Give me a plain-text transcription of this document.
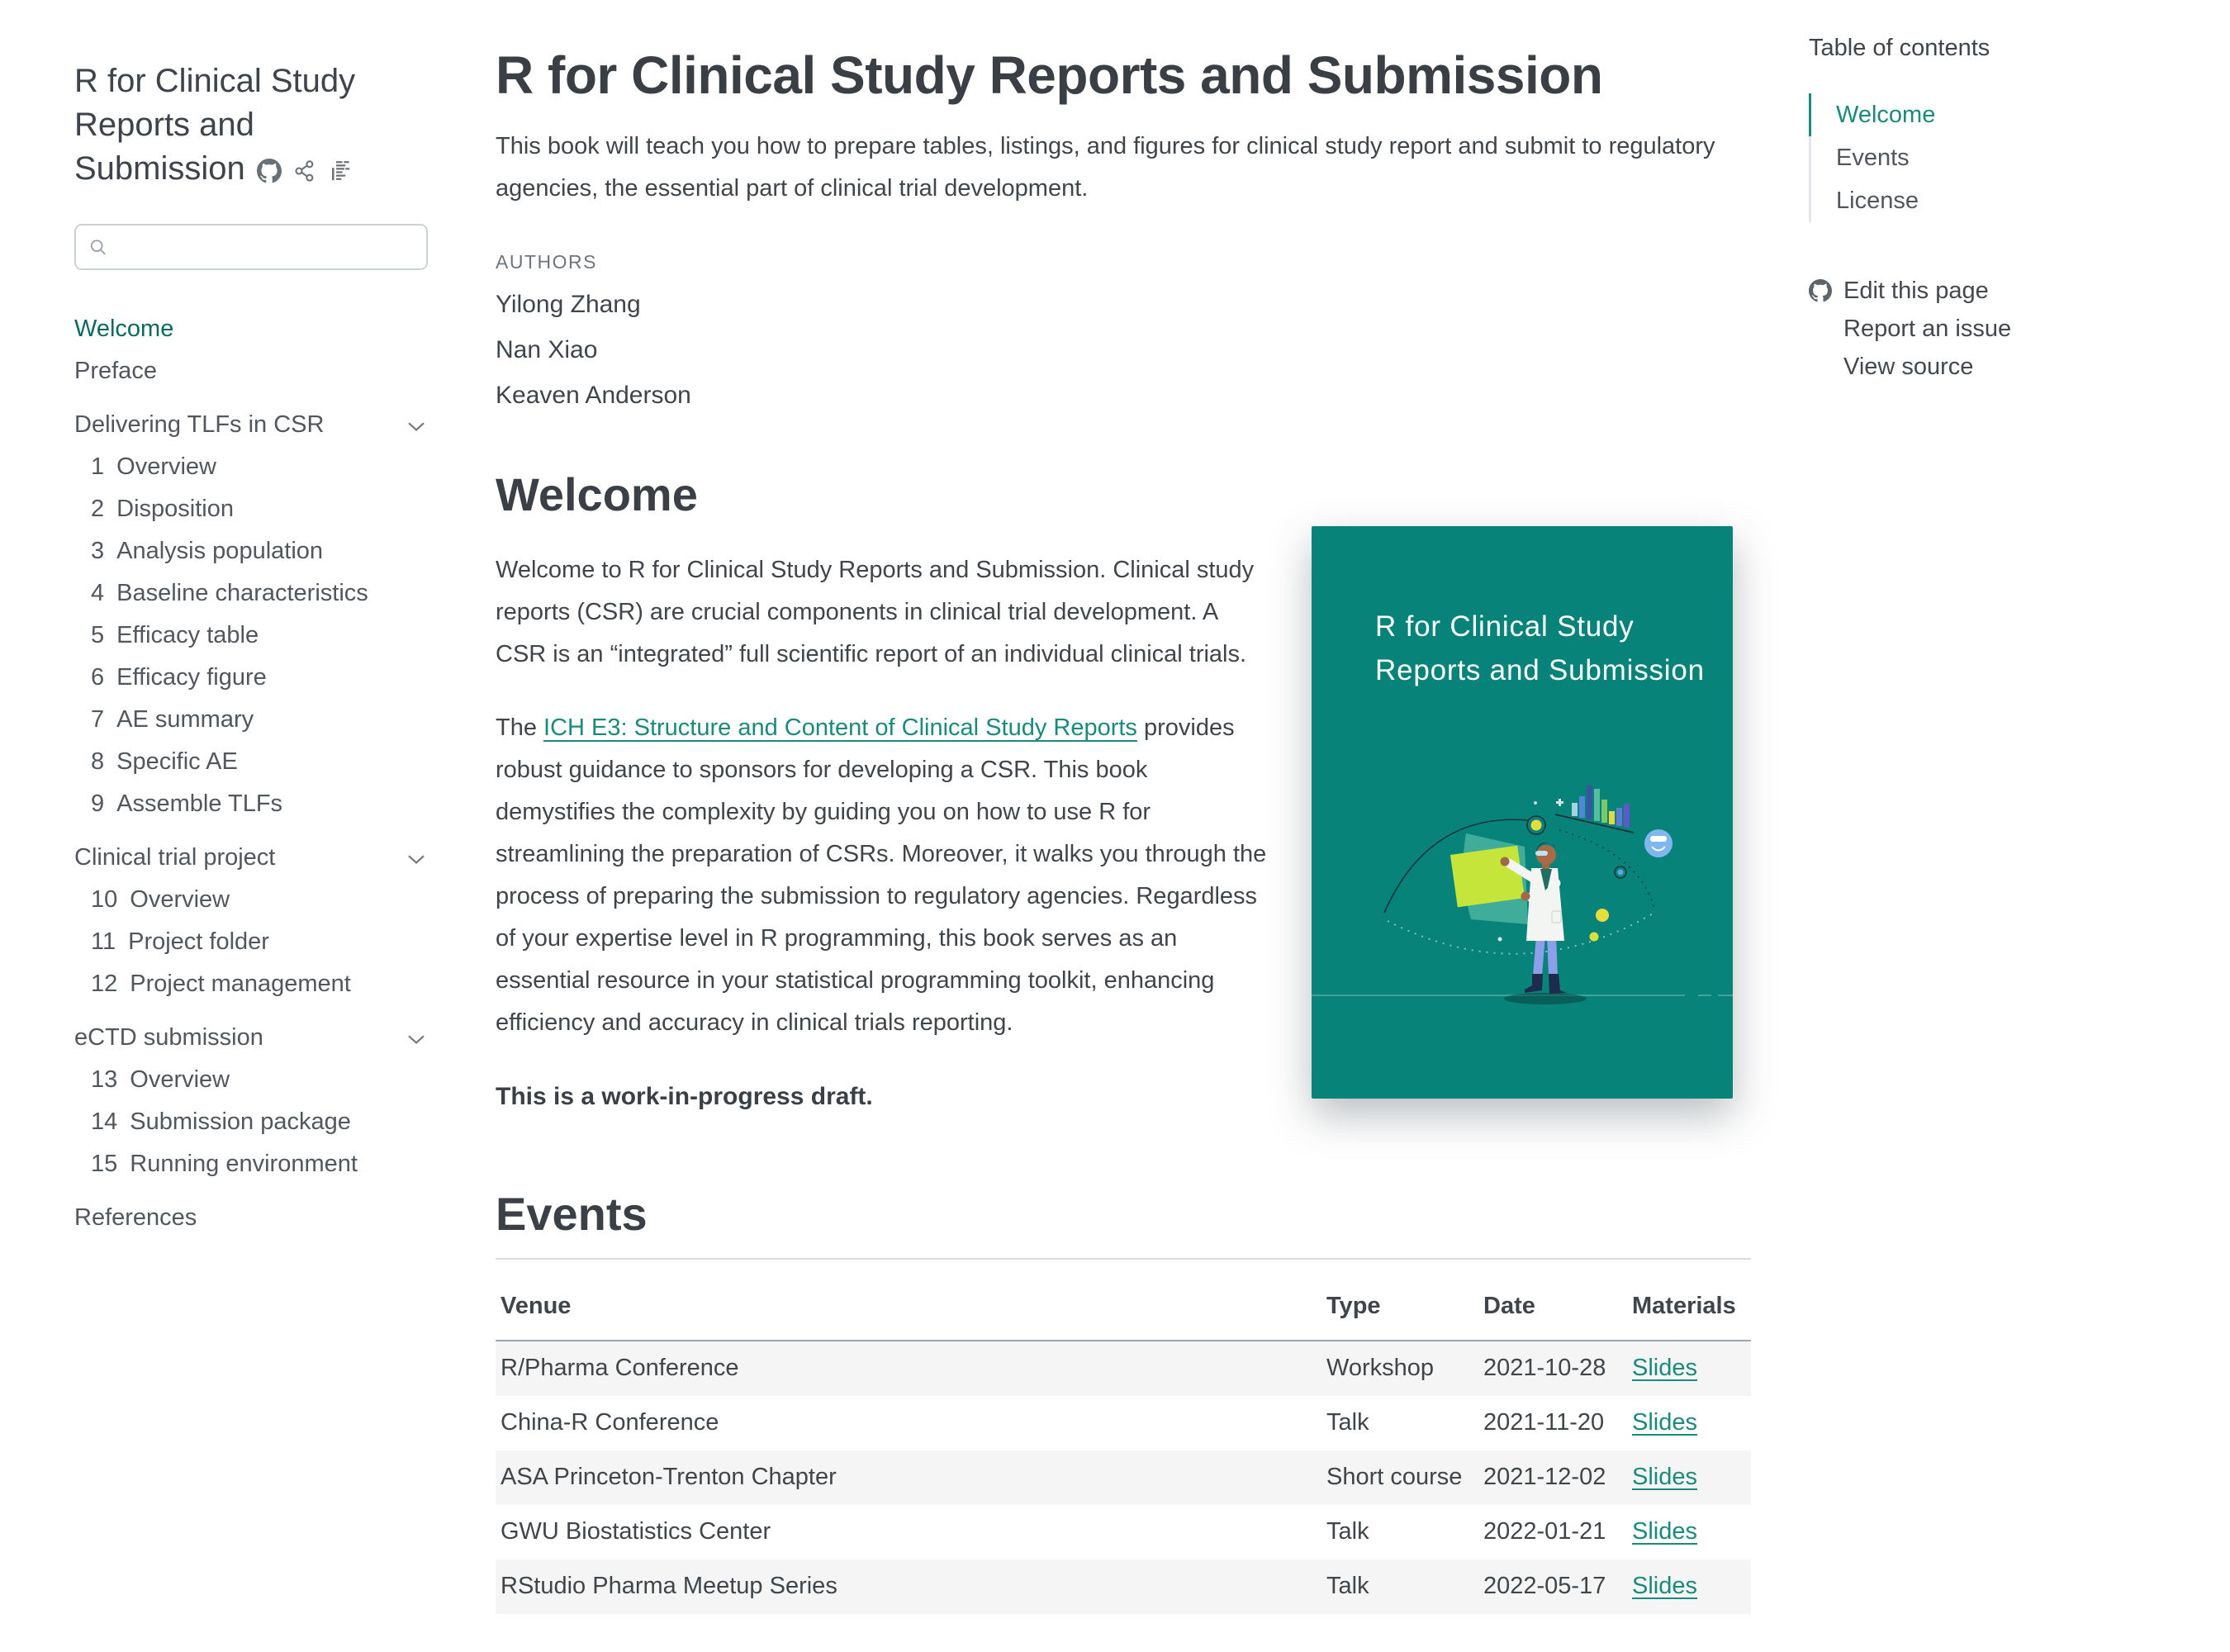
R for Clinical Study Reports and Submission
Welcome
Preface
Delivering TLFs in CSR
1 Overview
2 Disposition
3 Analysis population
4 Baseline characteristics
5 Efficacy table
6 Efficacy figure
7 AE summary
8 Specific AE
9 Assemble TLFs
Clinical trial project
10 Overview
11 Project folder
12 Project management
eCTD submission
13 Overview
14 Submission package
15 Running environment
References
R for Clinical Study Reports and Submission

This book will teach you how to prepare tables, listings, and figures for clinical study report and submit to regulatory agencies, the essential part of clinical trial development.

AUTHORS
Yilong Zhang
Nan Xiao
Keaven Anderson
Welcome

Welcome to R for Clinical Study Reports and Submission. Clinical study reports (CSR) are crucial components in clinical trial development. A CSR is an “integrated” full scientific report of an individual clinical trials.

The ICH E3: Structure and Content of Clinical Study Reports provides robust guidance to sponsors for developing a CSR. This book demystifies the complexity by guiding you on how to use R for streamlining the preparation of CSRs. Moreover, it walks you through the process of preparing the submission to regulatory agencies. Regardless of your expertise level in R programming, this book serves as an essential resource in your statistical programming toolkit, enhancing efficiency and accuracy in clinical trials reporting.

This is a work-in-progress draft.

Events
Venue	Type	Date	Materials
R/Pharma Conference	Workshop	2021-10-28	Slides
China-R Conference	Talk	2021-11-20	Slides
ASA Princeton-Trenton Chapter	Short course	2021-12-02	Slides
GWU Biostatistics Center	Talk	2022-01-21	Slides
RStudio Pharma Meetup Series	Talk	2022-05-17	Slides
R for Clinical Study
Reports and Submission
Table of contents
Welcome
Events
License
Edit this page
Report an issue
View source
